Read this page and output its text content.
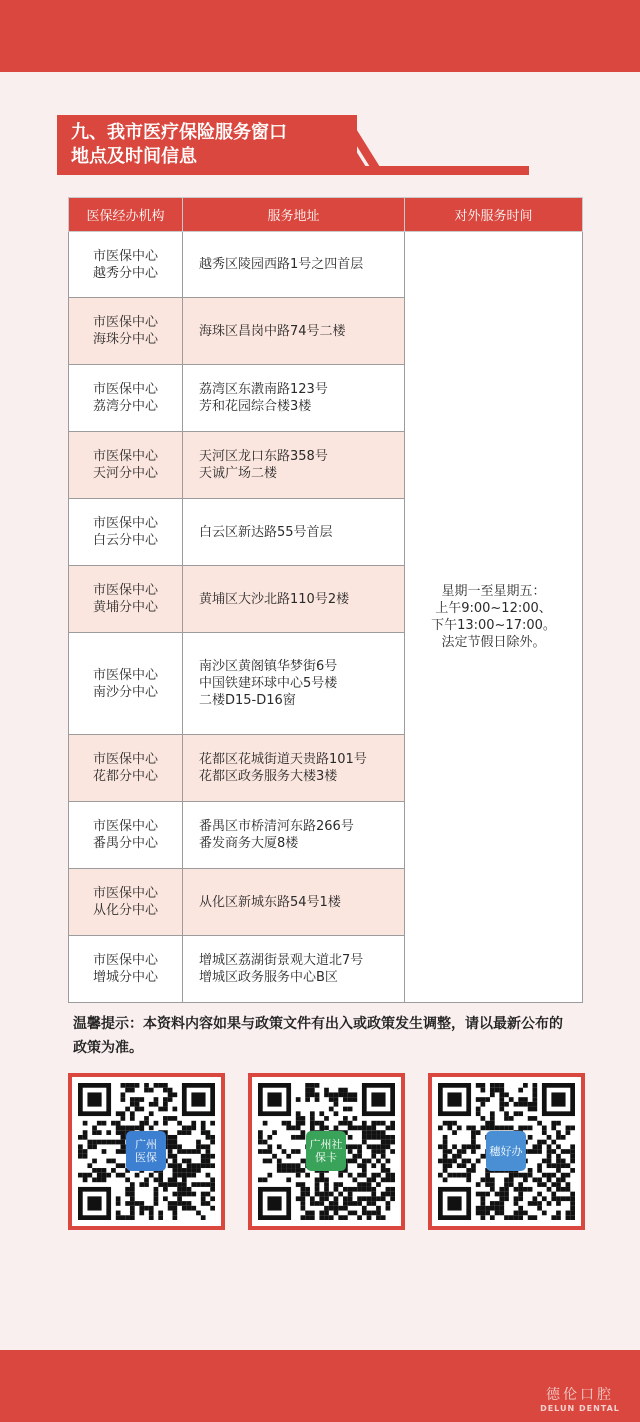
九、我市医疗保险服务窗口
地点及时间信息
医保经办机构	服务地址	对外服务时间

市医保中心
越秀分中心	越秀区陵园西路1号之四首层	星期一至星期五：
上午9:00~12:00、
下午13:00~17:00。
法定节假日除外。

市医保中心
海珠分中心	海珠区昌岗中路74号二楼	

市医保中心
荔湾分中心	荔湾区东漖南路123号
芳和花园综合楼3楼	

市医保中心
天河分中心	天河区龙口东路358号
天诚广场二楼	

市医保中心
白云分中心	白云区新达路55号首层	

市医保中心
黄埔分中心	黄埔区大沙北路110号2楼	

市医保中心
南沙分中心	南沙区黄阁镇华梦街6号
中国铁建环球中心5号楼
二楼D15-D16窗	

市医保中心
花都分中心	花都区花城街道天贵路101号
花都区政务服务大楼3楼	

市医保中心
番禺分中心	番禺区市桥清河东路266号
番发商务大厦8楼	

市医保中心
从化分中心	从化区新城东路54号1楼	

市医保中心
增城分中心	增城区荔湖街景观大道北7号
增城区政务服务中心B区	
温馨提示：本资料内容如果与政策文件有出入或政策发生调整，请以最新公布的政策为准。
广州
医保
广州社保卡	穗好办
德伦口腔
DELUN DENTAL
